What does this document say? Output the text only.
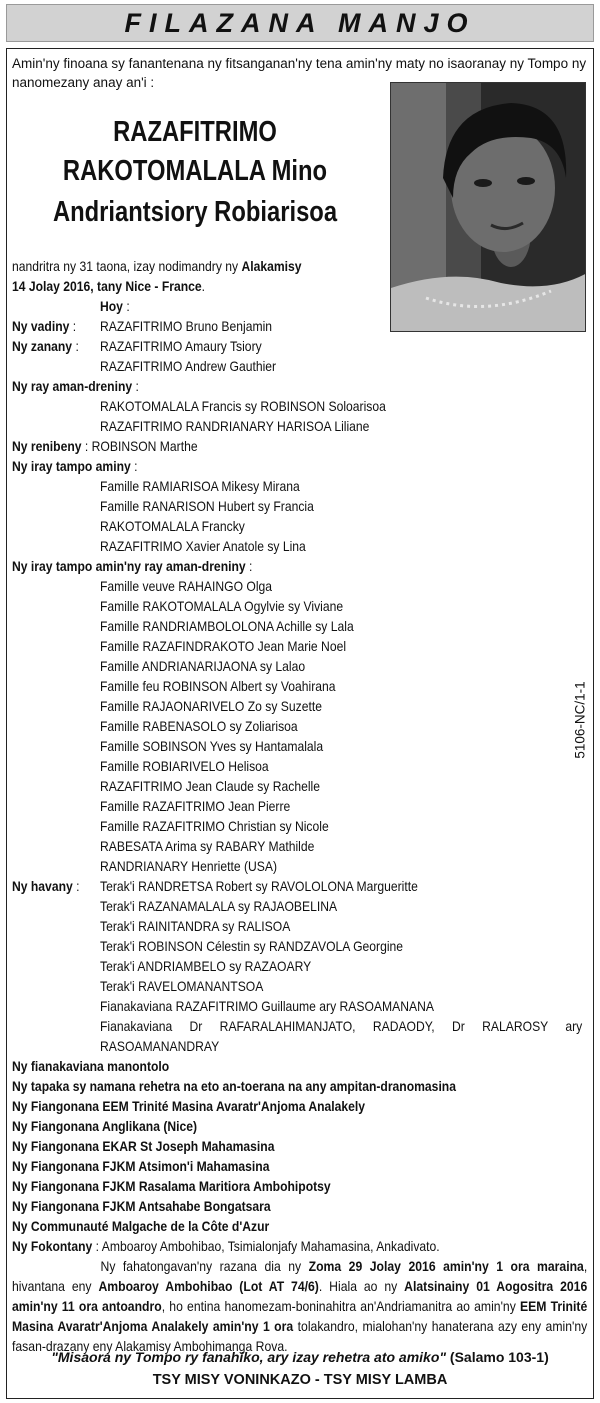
FILAZANA MANJO
Amin'ny finoana sy fanantenana ny fitsanganan'ny tena amin'ny maty no isaoranay ny Tompo ny nanomezany anay an'i :
RAZAFITRIMO
RAKOTOMALALA Mino
Andriantsiory Robiarisoa
nandritra ny 31 taona, izay nodimandry ny Alakamisy
14 Jolay 2016, tany Nice - France.
Hoy :
Ny vadiny : RAZAFITRIMO Bruno Benjamin
Ny zanany : RAZAFITRIMO Amaury Tsiory
RAZAFITRIMO Andrew Gauthier
Ny ray aman-dreniny :
RAKOTOMALALA Francis sy ROBINSON Soloarisoa
RAZAFITRIMO RANDRIANARY HARISOA Liliane
Ny renibeny : ROBINSON Marthe
Ny iray tampo aminy :
Famille RAMIARISOA Mikesy Mirana
Famille RANARISON Hubert sy Francia
RAKOTOMALALA Francky
RAZAFITRIMO Xavier Anatole sy Lina
Ny iray tampo amin'ny ray aman-dreniny :
Famille veuve RAHAINGO Olga
Famille RAKOTOMALALA Ogylvie sy Viviane
Famille RANDRIAMBOLOLONA Achille sy Lala
Famille RAZAFINDRAKOTO Jean Marie Noel
Famille ANDRIANARIJAONA sy Lalao
Famille feu ROBINSON Albert sy Voahirana
Famille RAJAONARIVELO Zo sy Suzette
Famille RABENASOLO sy Zoliarisoa
Famille SOBINSON Yves sy Hantamalala
Famille ROBIARIVELO Helisoa
RAZAFITRIMO Jean Claude sy Rachelle
Famille RAZAFITRIMO Jean Pierre
Famille RAZAFITRIMO Christian sy Nicole
RABESATA Arima sy RABARY Mathilde
RANDRIANARY Henriette (USA)
Ny havany : Terak'i RANDRETSA Robert sy RAVOLOLONA Margueritte
Terak'i RAZANAMALALA sy RAJAOBELINA
Terak'i RAINITANDRA sy RALISOA
Terak'i ROBINSON Célestin sy RANDZAVOLA Georgine
Terak'i ANDRIAMBELO sy RAZAOARY
Terak'i RAVELOMANANTSOA
Fianakaviana RAZAFITRIMO Guillaume ary RASOAMANANA
Fianakaviana Dr RAFARALAHIMANJATO, RADAODY, Dr RALAROSY ary
RASOAMANANDRAY
Ny fianakaviana manontolo
Ny tapaka sy namana rehetra na eto an-toerana na any ampitan-dranomasina
Ny Fiangonana EEM Trinité Masina Avaratr'Anjoma Analakely
Ny Fiangonana Anglikana (Nice)
Ny Fiangonana EKAR St Joseph Mahamasina
Ny Fiangonana FJKM Atsimon'i Mahamasina
Ny Fiangonana FJKM Rasalama Maritiora Ambohipotsy
Ny Fiangonana FJKM Antsahabe Bongatsara
Ny Communauté Malgache de la Côte d'Azur
Ny Fokontany : Amboaroy Ambohibao, Tsimialonjafy Mahamasina, Ankadivato.
Ny fahatongavan'ny razana dia ny Zoma 29 Jolay 2016 amin'ny 1 ora maraina, hivantana eny Amboaroy Ambohibao (Lot AT 74/6). Hiala ao ny Alatsinainy 01 Aogositra 2016 amin'ny 11 ora antoandro, ho entina hanomezam-boninahitra an'Andriamanitra ao amin'ny EEM Trinité Masina Avaratr'Anjoma Analakely amin'ny 1 ora tolakandro, mialohan'ny hanaterana azy eny amin'ny fasan-drazany eny Alakamisy Ambohimanga Rova.
"Misaora ny Tompo ry fanahiko, ary izay rehetra ato amiko" (Salamo 103-1)
TSY MISY VONINKAZO - TSY MISY LAMBA
5106-NC/1-1
